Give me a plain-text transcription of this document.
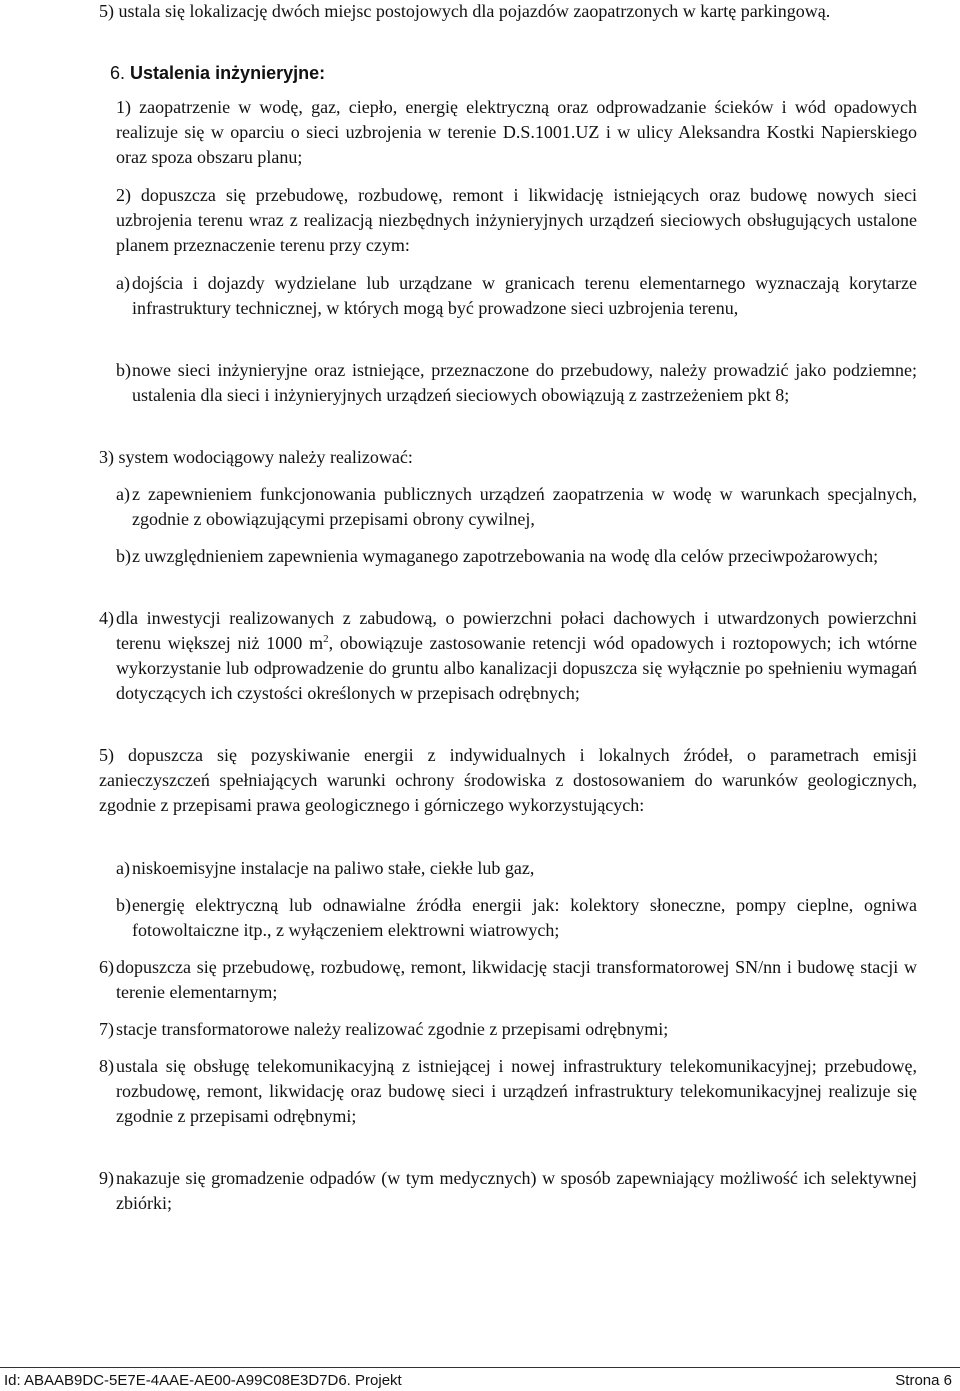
5) ustala się lokalizację dwóch miejsc postojowych dla pojazdów zaopatrzonych w kartę parkingową.

6. Ustalenia inżynieryjne:

1) zaopatrzenie w wodę, gaz, ciepło, energię elektryczną oraz odprowadzanie ścieków i wód opadowych realizuje się w oparciu o sieci uzbrojenia w terenie D.S.1001.UZ i w ulicy Aleksandra Kostki Napierskiego oraz spoza obszaru planu;

2) dopuszcza się przebudowę, rozbudowę, remont i likwidację istniejących oraz budowę nowych sieci uzbrojenia terenu wraz z realizacją niezbędnych inżynieryjnych urządzeń sieciowych obsługujących ustalone planem przeznaczenie terenu przy czym:

a) dojścia i dojazdy wydzielane lub urządzane w granicach terenu elementarnego wyznaczają korytarze infrastruktury technicznej, w których mogą być prowadzone sieci uzbrojenia terenu,
b) nowe sieci inżynieryjne oraz istniejące, przeznaczone do przebudowy, należy prowadzić jako podziemne; ustalenia dla sieci i inżynieryjnych urządzeń sieciowych obowiązują z zastrzeżeniem pkt 8;

3) system wodociągowy należy realizować:

a) z zapewnieniem funkcjonowania publicznych urządzeń zaopatrzenia w wodę w warunkach specjalnych, zgodnie z obowiązującymi przepisami obrony cywilnej,
b) z uwzględnieniem zapewnienia wymaganego zapotrzebowania na wodę dla celów przeciwpożarowych;
4) dla inwestycji realizowanych z zabudową, o powierzchni połaci dachowych i utwardzonych powierzchni terenu większej niż 1000 $m^2$, obowiązuje zastosowanie retencji wód opadowych i roztopowych; ich wtórne wykorzystanie lub odprowadzenie do gruntu albo kanalizacji dopuszcza się wyłącznie po spełnieniu wymagań dotyczących ich czystości określonych w przepisach odrębnych;

5) dopuszcza się pozyskiwanie energii z indywidualnych i lokalnych źródeł, o parametrach emisji zanieczyszczeń spełniających warunki ochrony środowiska z dostosowaniem do warunków geologicznych, zgodnie z przepisami prawa geologicznego i górniczego wykorzystujących:

a) niskoemisyjne instalacje na paliwo stałe, ciekłe lub gaz,
b) energię elektryczną lub odnawialne źródła energii jak: kolektory słoneczne, pompy cieplne, ogniwa fotowoltaiczne itp., z wyłączeniem elektrowni wiatrowych;
6) dopuszcza się przebudowę, rozbudowę, remont, likwidację stacji transformatorowej SN/nn i budowę stacji w terenie elementarnym;
7) stacje transformatorowe należy realizować zgodnie z przepisami odrębnymi;
8) ustala się obsługę telekomunikacyjną z istniejącej i nowej infrastruktury telekomunikacyjnej; przebudowę, rozbudowę, remont, likwidację oraz budowę sieci i urządzeń infrastruktury telekomunikacyjnej realizuje się zgodnie z przepisami odrębnymi;
9) nakazuje się gromadzenie odpadów (w tym medycznych) w sposób zapewniający możliwość ich selektywnej zbiórki;
Id: ABAAB9DC-5E7E-4AAE-AE00-A99C08E3D7D6. Projekt	Strona 6
